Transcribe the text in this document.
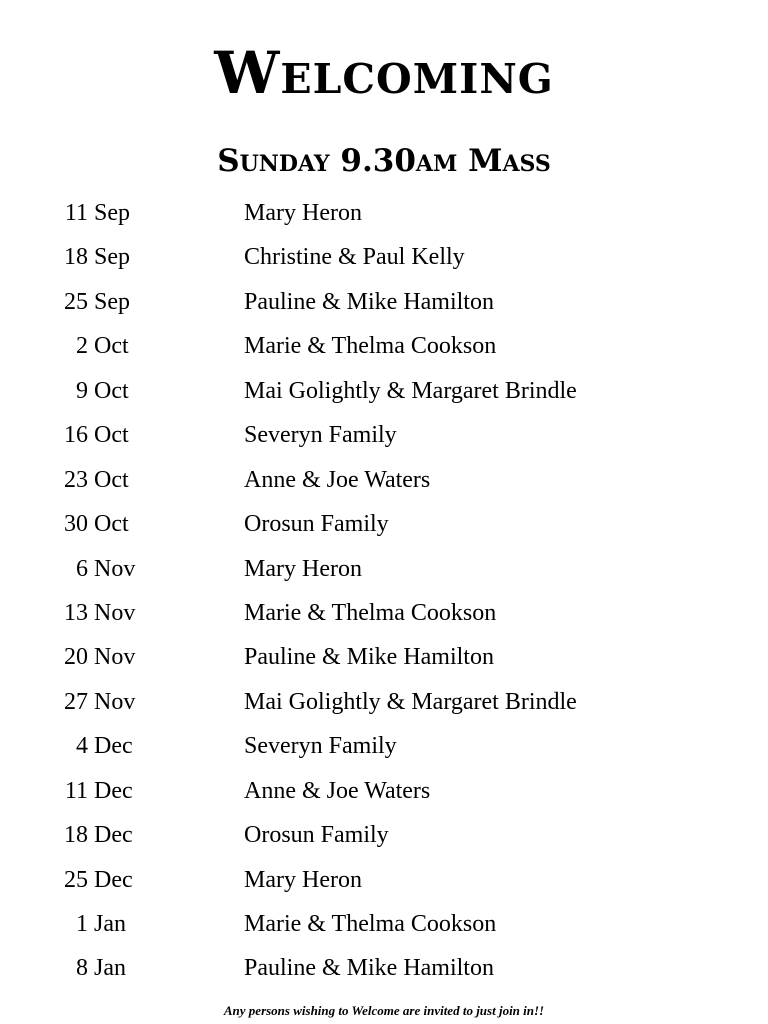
Welcoming
Sunday 9.30am Mass
11 Sep	Mary Heron
18 Sep	Christine & Paul Kelly
25 Sep	Pauline & Mike Hamilton
2 Oct	Marie & Thelma Cookson
9 Oct	Mai Golightly & Margaret Brindle
16 Oct	Severyn Family
23 Oct	Anne & Joe Waters
30 Oct	Orosun Family
6 Nov	Mary Heron
13 Nov	Marie & Thelma Cookson
20 Nov	Pauline & Mike Hamilton
27 Nov	Mai Golightly & Margaret Brindle
4 Dec	Severyn Family
11 Dec	Anne & Joe Waters
18 Dec	Orosun Family
25 Dec	Mary Heron
1 Jan	Marie & Thelma Cookson
8 Jan	Pauline & Mike Hamilton

Any persons wishing to Welcome are invited to just join in!!
